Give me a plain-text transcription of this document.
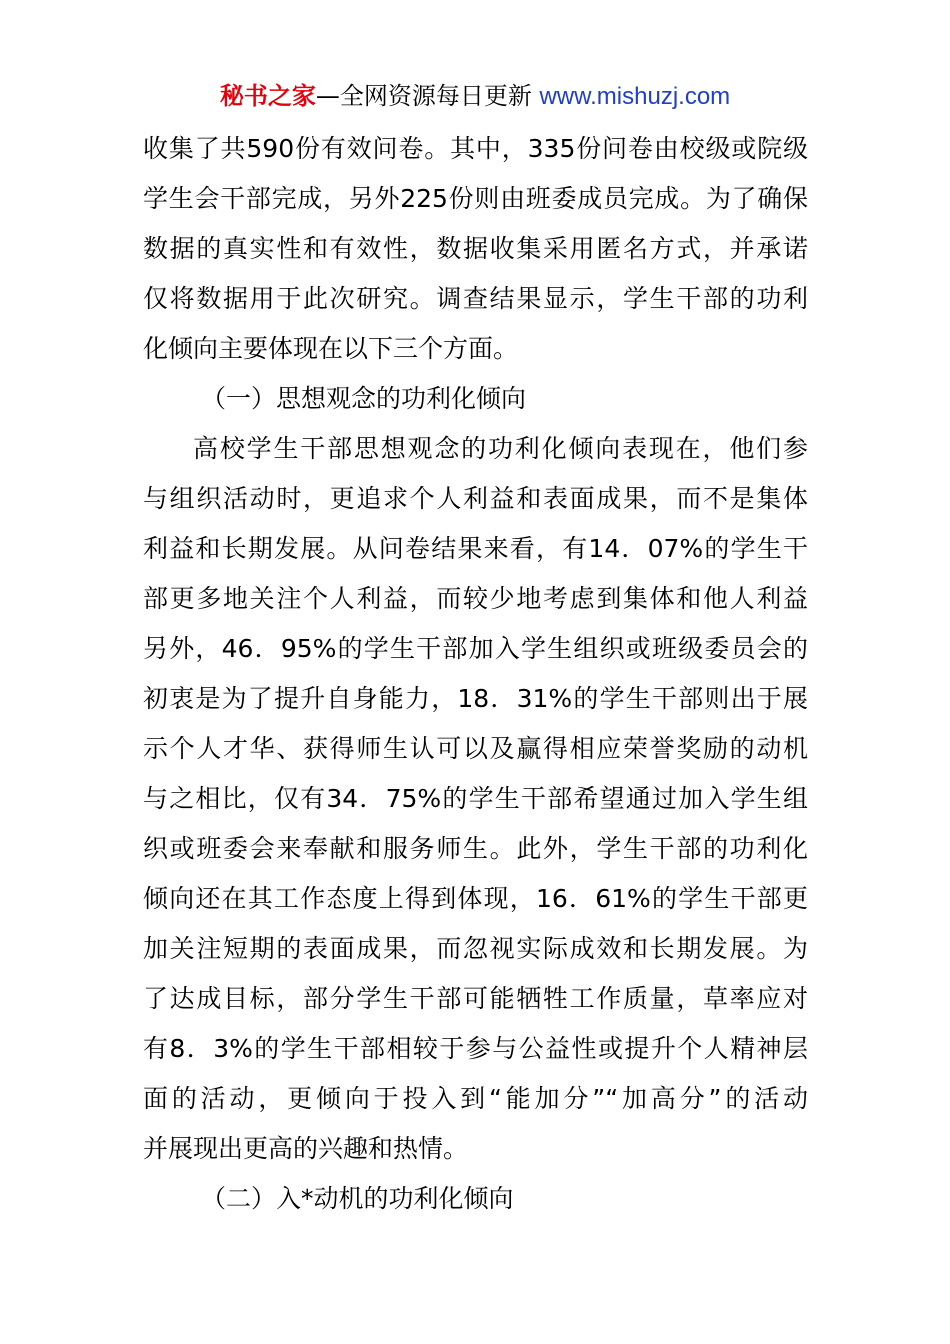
秘书之家—全网资源每日更新 www.mishuzj.com
收集了共590份有效问卷。其中，335份问卷由校级或院级
学生会干部完成，另外225份则由班委成员完成。为了确保
数据的真实性和有效性，数据收集采用匿名方式，并承诺
仅将数据用于此次研究。调查结果显示，学生干部的功利
化倾向主要体现在以下三个方面。
（一）思想观念的功利化倾向
高校学生干部思想观念的功利化倾向表现在，他们参
与组织活动时，更追求个人利益和表面成果，而不是集体
利益和长期发展。从问卷结果来看，有14．07%的学生干
部更多地关注个人利益，而较少地考虑到集体和他人利益
另外，46．95%的学生干部加入学生组织或班级委员会的
初衷是为了提升自身能力，18．31%的学生干部则出于展
示个人才华、获得师生认可以及赢得相应荣誉奖励的动机
与之相比，仅有34．75%的学生干部希望通过加入学生组
织或班委会来奉献和服务师生。此外，学生干部的功利化
倾向还在其工作态度上得到体现，16．61%的学生干部更
加关注短期的表面成果，而忽视实际成效和长期发展。为
了达成目标，部分学生干部可能牺牲工作质量，草率应对
有8．3%的学生干部相较于参与公益性或提升个人精神层
面的活动，更倾向于投入到“能加分”“加高分”的活动
并展现出更高的兴趣和热情。
（二）入*动机的功利化倾向
